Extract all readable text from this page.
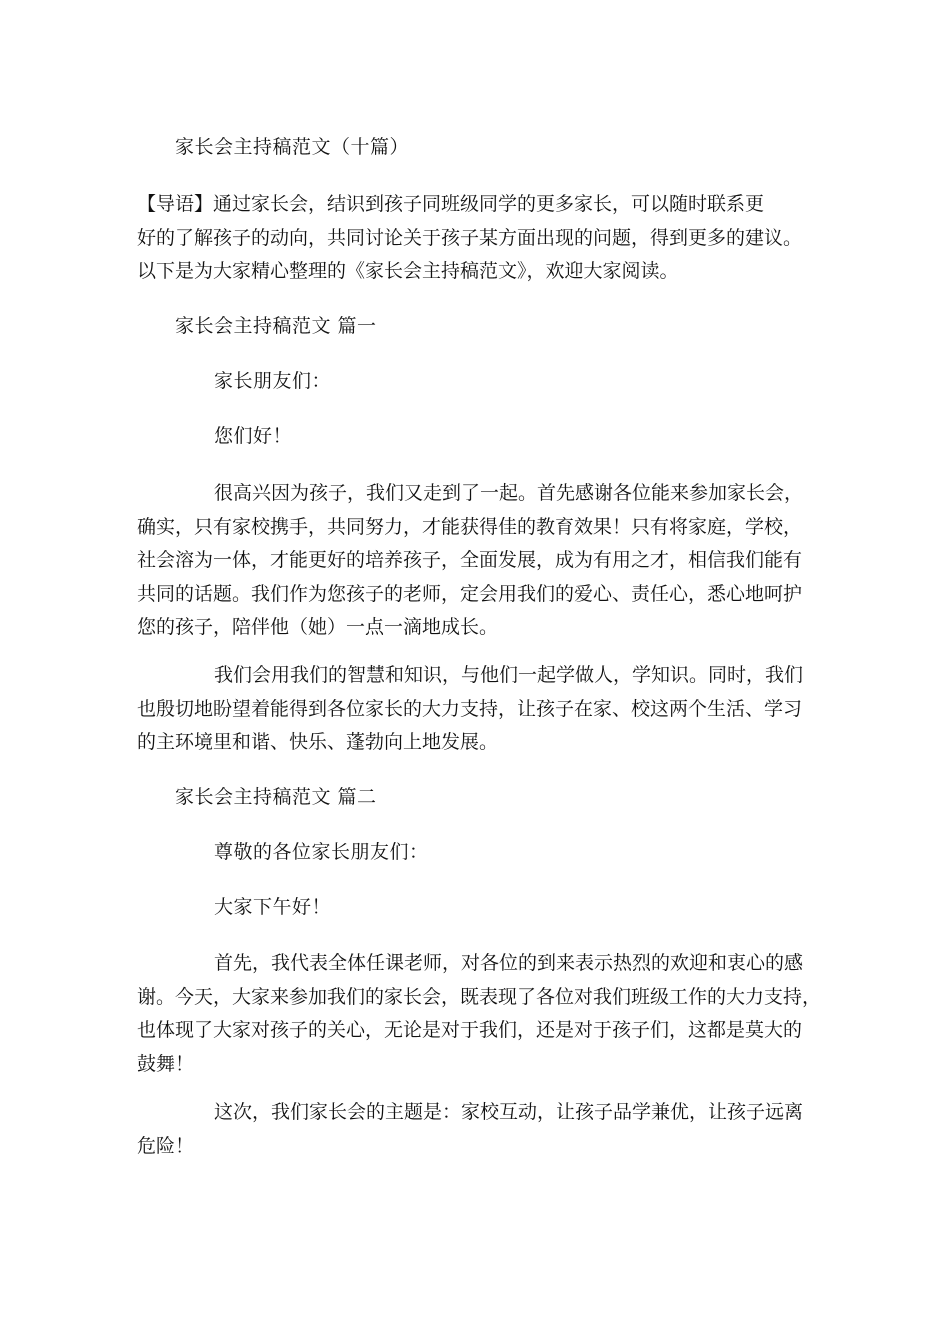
家长会主持稿范文（十篇）
【导语】通过家长会，结识到孩子同班级同学的更多家长，可以随时联系更
好的了解孩子的动向，共同讨论关于孩子某方面出现的问题，得到更多的建议。
以下是为大家精心整理的《家长会主持稿范文》，欢迎大家阅读。
家长会主持稿范文 篇一
家长朋友们：
您们好！
很高兴因为孩子，我们又走到了一起。首先感谢各位能来参加家长会，
确实，只有家校携手，共同努力，才能获得佳的教育效果！只有将家庭，学校，
社会溶为一体，才能更好的培养孩子，全面发展，成为有用之才，相信我们能有
共同的话题。我们作为您孩子的老师，定会用我们的爱心、责任心，悉心地呵护
您的孩子，陪伴他（她）一点一滴地成长。
我们会用我们的智慧和知识，与他们一起学做人，学知识。同时，我们
也殷切地盼望着能得到各位家长的大力支持，让孩子在家、校这两个生活、学习
的主环境里和谐、快乐、蓬勃向上地发展。
家长会主持稿范文 篇二
尊敬的各位家长朋友们：
大家下午好！
首先，我代表全体任课老师，对各位的到来表示热烈的欢迎和衷心的感
谢。今天，大家来参加我们的家长会，既表现了各位对我们班级工作的大力支持，
也体现了大家对孩子的关心，无论是对于我们，还是对于孩子们，这都是莫大的
鼓舞！
这次，我们家长会的主题是：家校互动，让孩子品学兼优，让孩子远离
危险！
